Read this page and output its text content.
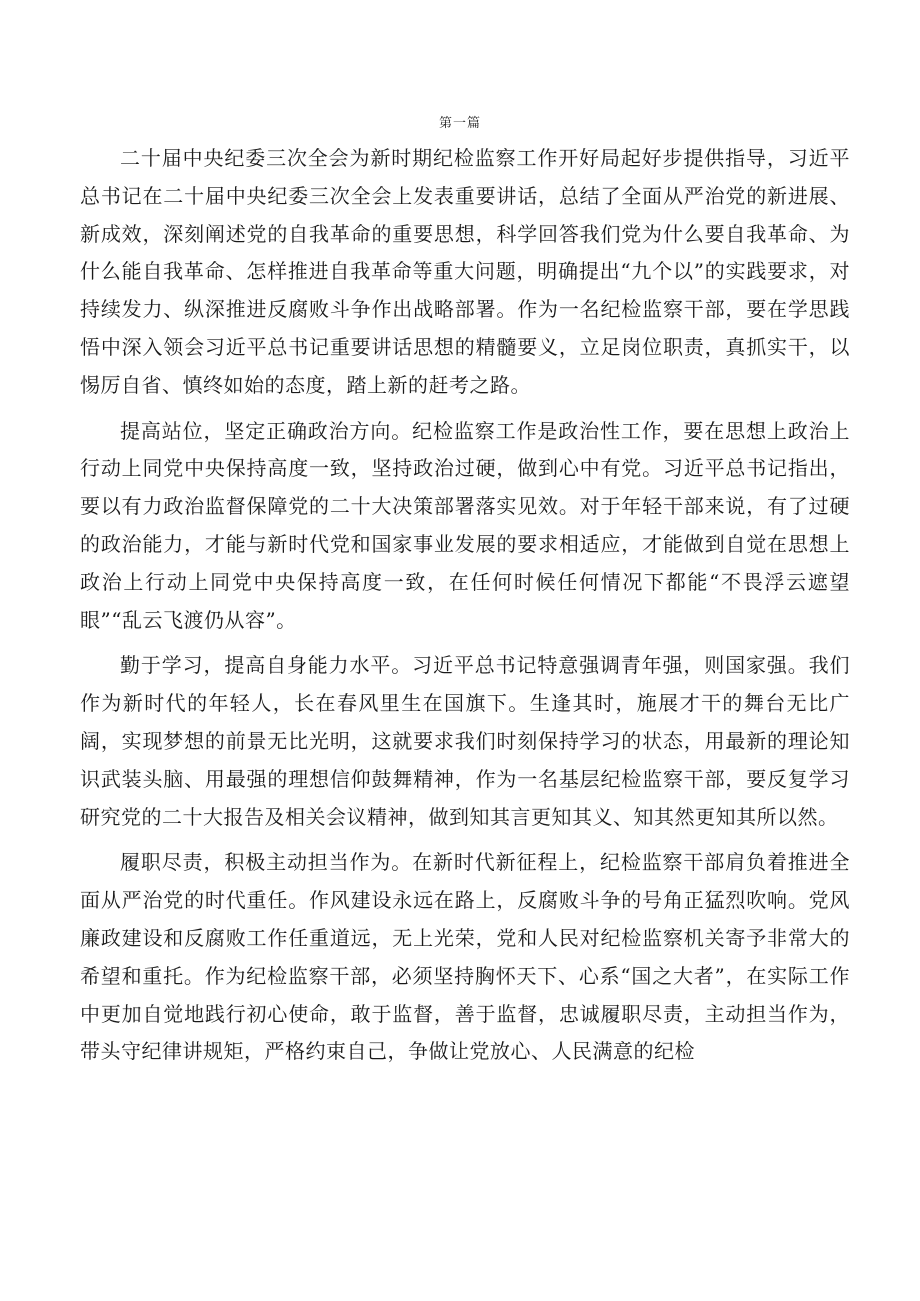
第一篇

二十届中央纪委三次全会为新时期纪检监察工作开好局起好步提供指导，习近平总书记在二十届中央纪委三次全会上发表重要讲话，总结了全面从严治党的新进展、新成效，深刻阐述党的自我革命的重要思想，科学回答我们党为什么要自我革命、为什么能自我革命、怎样推进自我革命等重大问题，明确提出“九个以”的实践要求，对持续发力、纵深推进反腐败斗争作出战略部署。作为一名纪检监察干部，要在学思践悟中深入领会习近平总书记重要讲话思想的精髓要义，立足岗位职责，真抓实干，以惕厉自省、慎终如始的态度，踏上新的赶考之路。

提高站位，坚定正确政治方向。纪检监察工作是政治性工作，要在思想上政治上行动上同党中央保持高度一致，坚持政治过硬，做到心中有党。习近平总书记指出，要以有力政治监督保障党的二十大决策部署落实见效。对于年轻干部来说，有了过硬的政治能力，才能与新时代党和国家事业发展的要求相适应，才能做到自觉在思想上政治上行动上同党中央保持高度一致，在任何时候任何情况下都能“不畏浮云遮望眼”“乱云飞渡仍从容”。

勤于学习，提高自身能力水平。习近平总书记特意强调青年强，则国家强。我们作为新时代的年轻人，长在春风里生在国旗下。生逢其时，施展才干的舞台无比广阔，实现梦想的前景无比光明，这就要求我们时刻保持学习的状态，用最新的理论知识武装头脑、用最强的理想信仰鼓舞精神，作为一名基层纪检监察干部，要反复学习研究党的二十大报告及相关会议精神，做到知其言更知其义、知其然更知其所以然。

履职尽责，积极主动担当作为。在新时代新征程上，纪检监察干部肩负着推进全面从严治党的时代重任。作风建设永远在路上，反腐败斗争的号角正猛烈吹响。党风廉政建设和反腐败工作任重道远，无上光荣，党和人民对纪检监察机关寄予非常大的希望和重托。作为纪检监察干部，必须坚持胸怀天下、心系“国之大者”，在实际工作中更加自觉地践行初心使命，敢于监督，善于监督，忠诚履职尽责，主动担当作为，带头守纪律讲规矩，严格约束自己，争做让党放心、人民满意的纪检
